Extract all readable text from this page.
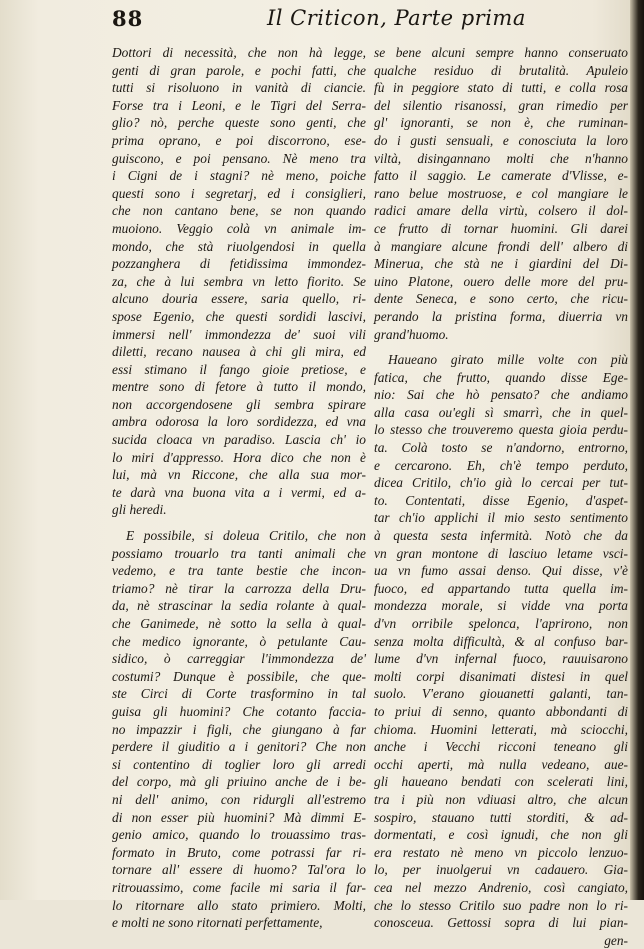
88	Il Criticon, Parte prima
Dottori di necessità, che non hà legge,
genti di gran parole, e pochi fatti, che
tutti si risoluono in vanità di ciancie.
Forse tra i Leoni, e le Tigri del Serra-
glio? nò, perche queste sono genti, che
prima oprano, e poi discorrono, ese-
guiscono, e poi pensano. Nè meno tra
i Cigni de i stagni? nè meno, poiche
questi sono i segretarj, ed i consiglieri,
che non cantano bene, se non quando
muoiono. Veggio colà vn animale im-
mondo, che stà riuolgendosi in quella
pozzanghera di fetidissima immondez-
za, che à lui sembra vn letto fiorito. Se
alcuno douria essere, saria quello, ri-
spose Egenio, che questi sordidi lascivi,
immersi nell' immondezza de' suoi vili
diletti, recano nausea à chi gli mira, ed
essi stimano il fango gioie pretiose, e
mentre sono di fetore à tutto il mondo,
non accorgendosene gli sembra spirare
ambra odorosa la loro sordidezza, ed vna
sucida cloaca vn paradiso. Lascia ch' io
lo miri d'appresso. Hora dico che non è
lui, mà vn Riccone, che alla sua mor-
te darà vna buona vita a i vermi, ed a-
gli heredi.
E possibile, si doleua Critilo, che non
possiamo trouarlo tra tanti animali che
vedemo, e tra tante bestie che incon-
triamo? nè tirar la carrozza della Dru-
da, nè strascinar la sedia rolante à qual-
che Ganimede, nè sotto la sella à qual-
che medico ignorante, ò petulante Cau-
sidico, ò carreggiar l'immondezza de'
costumi? Dunque è possibile, che que-
ste Circi di Corte trasformino in tal
guisa gli huomini? Che cotanto faccia-
no impazzir i figli, che giungano à far
perdere il giuditio a i genitori? Che non
si contentino di toglier loro gli arredi
del corpo, mà gli priuino anche de i be-
ni dell' animo, con ridurgli all'estremo
di non esser più huomini? Mà dimmi E-
genio amico, quando lo trouassimo tras-
formato in Bruto, come potrassi far ri-
tornare all' essere di huomo? Tal'ora lo
ritrouassimo, come facile mi saria il far-
lo ritornare allo stato primiero. Molti,
e molti ne sono ritornati perfettamente,
se bene alcuni sempre hanno conseruato
qualche residuo di brutalità. Apuleio
fù in peggiore stato di tutti, e colla rosa
del silentio risanossi, gran rimedio per
gl' ignoranti, se non è, che ruminan-
do i gusti sensuali, e conosciuta la loro
viltà, disingannano molti che n'hanno
fatto il saggio. Le camerate d'Vlisse, e-
rano belue mostruose, e col mangiare le
radici amare della virtù, colsero il dol-
ce frutto di tornar huomini. Gli darei
à mangiare alcune frondi dell' albero di
Minerua, che stà ne i giardini del Di-
uino Platone, ouero delle more del pru-
dente Seneca, e sono certo, che ricu-
perando la pristina forma, diuerria vn
grand'huomo.
Haueano girato mille volte con più
fatica, che frutto, quando disse Ege-
nio: Sai che hò pensato? che andiamo
alla casa ou'egli sì smarrì, che in quel-
lo stesso che trouveremo questa gioia perdu-
ta. Colà tosto se n'andorno, entrorno,
e cercarono. Eh, ch'è tempo perduto,
dicea Critilo, ch'io già lo cercai per tut-
to. Contentati, disse Egenio, d'aspet-
tar ch'io applichi il mio sesto sentimento
à questa sesta infermità. Notò che da
vn gran montone di lasciuo letame vsci-
ua vn fumo assai denso. Qui disse, v'è
fuoco, ed appartando tutta quella im-
mondezza morale, si vidde vna porta
d'vn orribile spelonca, l'aprirono, non
senza molta difficultà, & al confuso bar-
lume d'vn infernal fuoco, rauuisarono
molti corpi disanimati distesi in quel
suolo. V'erano giouanetti galanti, tan-
to priui di senno, quanto abbondanti di
chioma. Huomini letterati, mà sciocchi,
anche i Vecchi ricconi teneano gli
occhi aperti, mà nulla vedeano, aue-
gli haueano bendati con scelerati lini,
tra i più non vdiuasi altro, che alcun
sospiro, stauano tutti storditi, & ad-
dormentati, e così ignudi, che non gli
era restato nè meno vn piccolo lenzuo-
lo, per inuolgerui vn cadauero. Gia-
cea nel mezzo Andrenio, così cangiato,
che lo stesso Critilo suo padre non lo ri-
conosceua. Gettossi sopra di lui pian-
gen-
